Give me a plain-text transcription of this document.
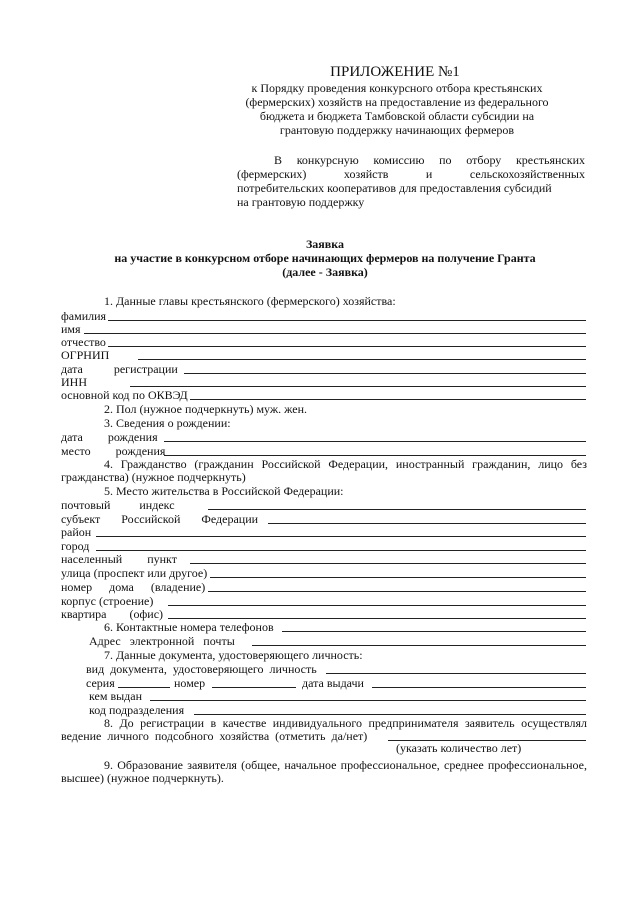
ПРИЛОЖЕНИЕ №1
к Порядку проведения конкурсного отбора крестьянских
(фермерских) хозяйств на предоставление из федерального
бюджета и бюджета Тамбовской области субсидии на
грантовую поддержку начинающих фермеров
В конкурсную комиссию по отбору крестьянских
(фермерских) хозяйств и сельскохозяйственных
потребительских кооперативов для предоставления субсидий
на грантовую поддержку
Заявка
на участие в конкурсном отборе начинающих фермеров на получение Гранта
(далее - Заявка)
1. Данные главы крестьянского (фермерского) хозяйства:
фамилия
имя
отчество
ОГРНИП
дата регистрации
ИНН
основной код по ОКВЭД
2. Пол (нужное подчеркнуть) муж. жен.
3. Сведения о рождении:
дата рождения
место рождения
4. Гражданство (гражданин Российской Федерации, иностранный гражданин, лицо без
гражданства) (нужное подчеркнуть)
5. Место жительства в Российской Федерации:
почтовый индекс
субъект Российской Федерации
район
город
населенный пункт
улица (проспект или другое)
номер дома (владение)
корпус (строение)
квартира (офис)
6. Контактные номера телефонов
Адрес электронной почты
7. Данные документа, удостоверяющего личность:
вид документа, удостоверяющего личность
серия	номер	дата выдачи
кем выдан
код подразделения
8. До регистрации в качестве индивидуального предпринимателя заявитель осуществлял
ведение личного подсобного хозяйства (отметить да/нет)
(указать количество лет)
9. Образование заявителя (общее, начальное профессиональное, среднее профессиональное,
высшее) (нужное подчеркнуть).
